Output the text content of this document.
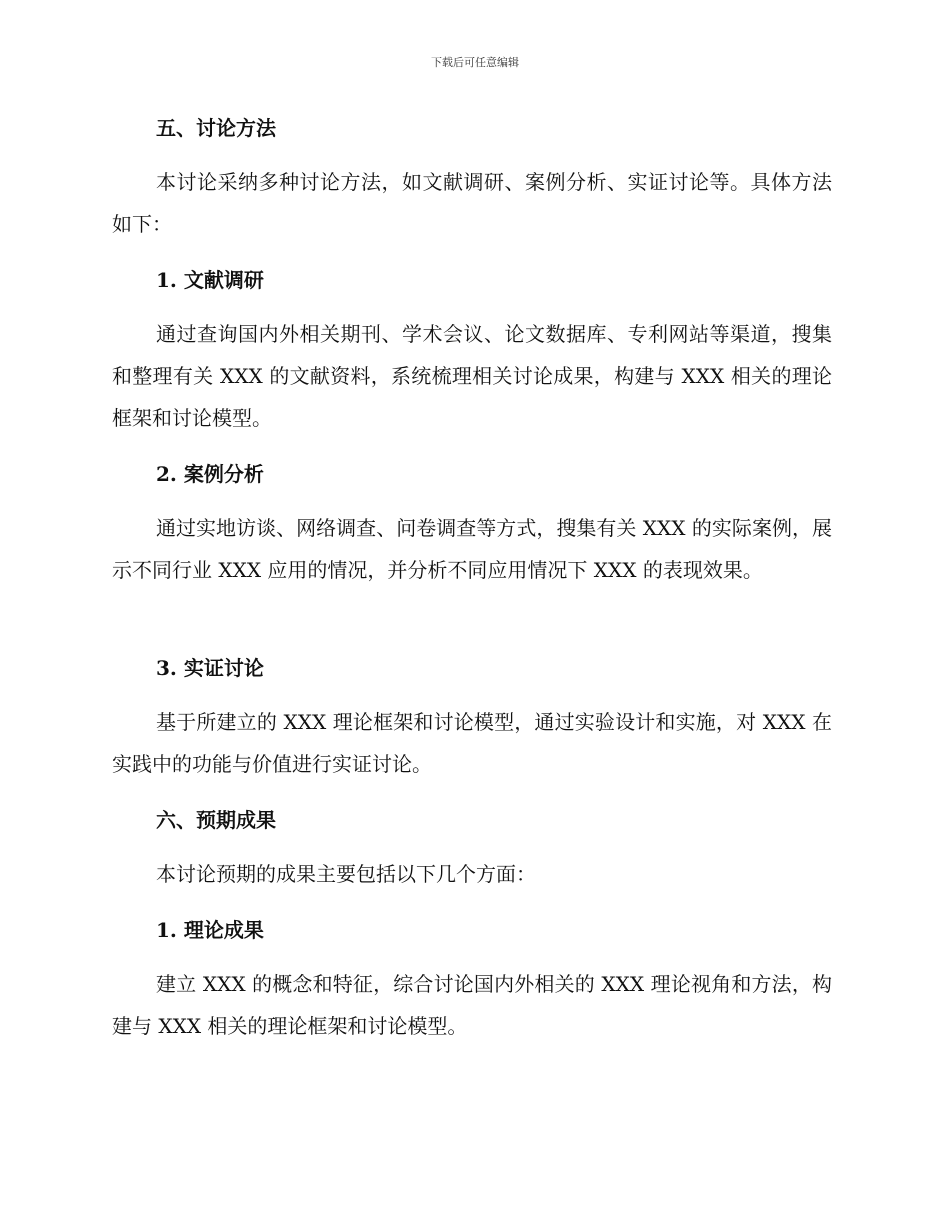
下载后可任意编辑
五、讨论方法
本讨论采纳多种讨论方法，如文献调研、案例分析、实证讨论等。具体方法如下：
1. 文献调研
通过查询国内外相关期刊、学术会议、论文数据库、专利网站等渠道，搜集和整理有关 XXX 的文献资料，系统梳理相关讨论成果，构建与 XXX 相关的理论框架和讨论模型。
2. 案例分析
通过实地访谈、网络调查、问卷调查等方式，搜集有关 XXX 的实际案例，展示不同行业 XXX 应用的情况，并分析不同应用情况下 XXX 的表现效果。
3. 实证讨论
基于所建立的 XXX 理论框架和讨论模型，通过实验设计和实施，对 XXX 在实践中的功能与价值进行实证讨论。
六、预期成果
本讨论预期的成果主要包括以下几个方面：
1. 理论成果
建立 XXX 的概念和特征，综合讨论国内外相关的 XXX 理论视角和方法，构建与 XXX 相关的理论框架和讨论模型。
